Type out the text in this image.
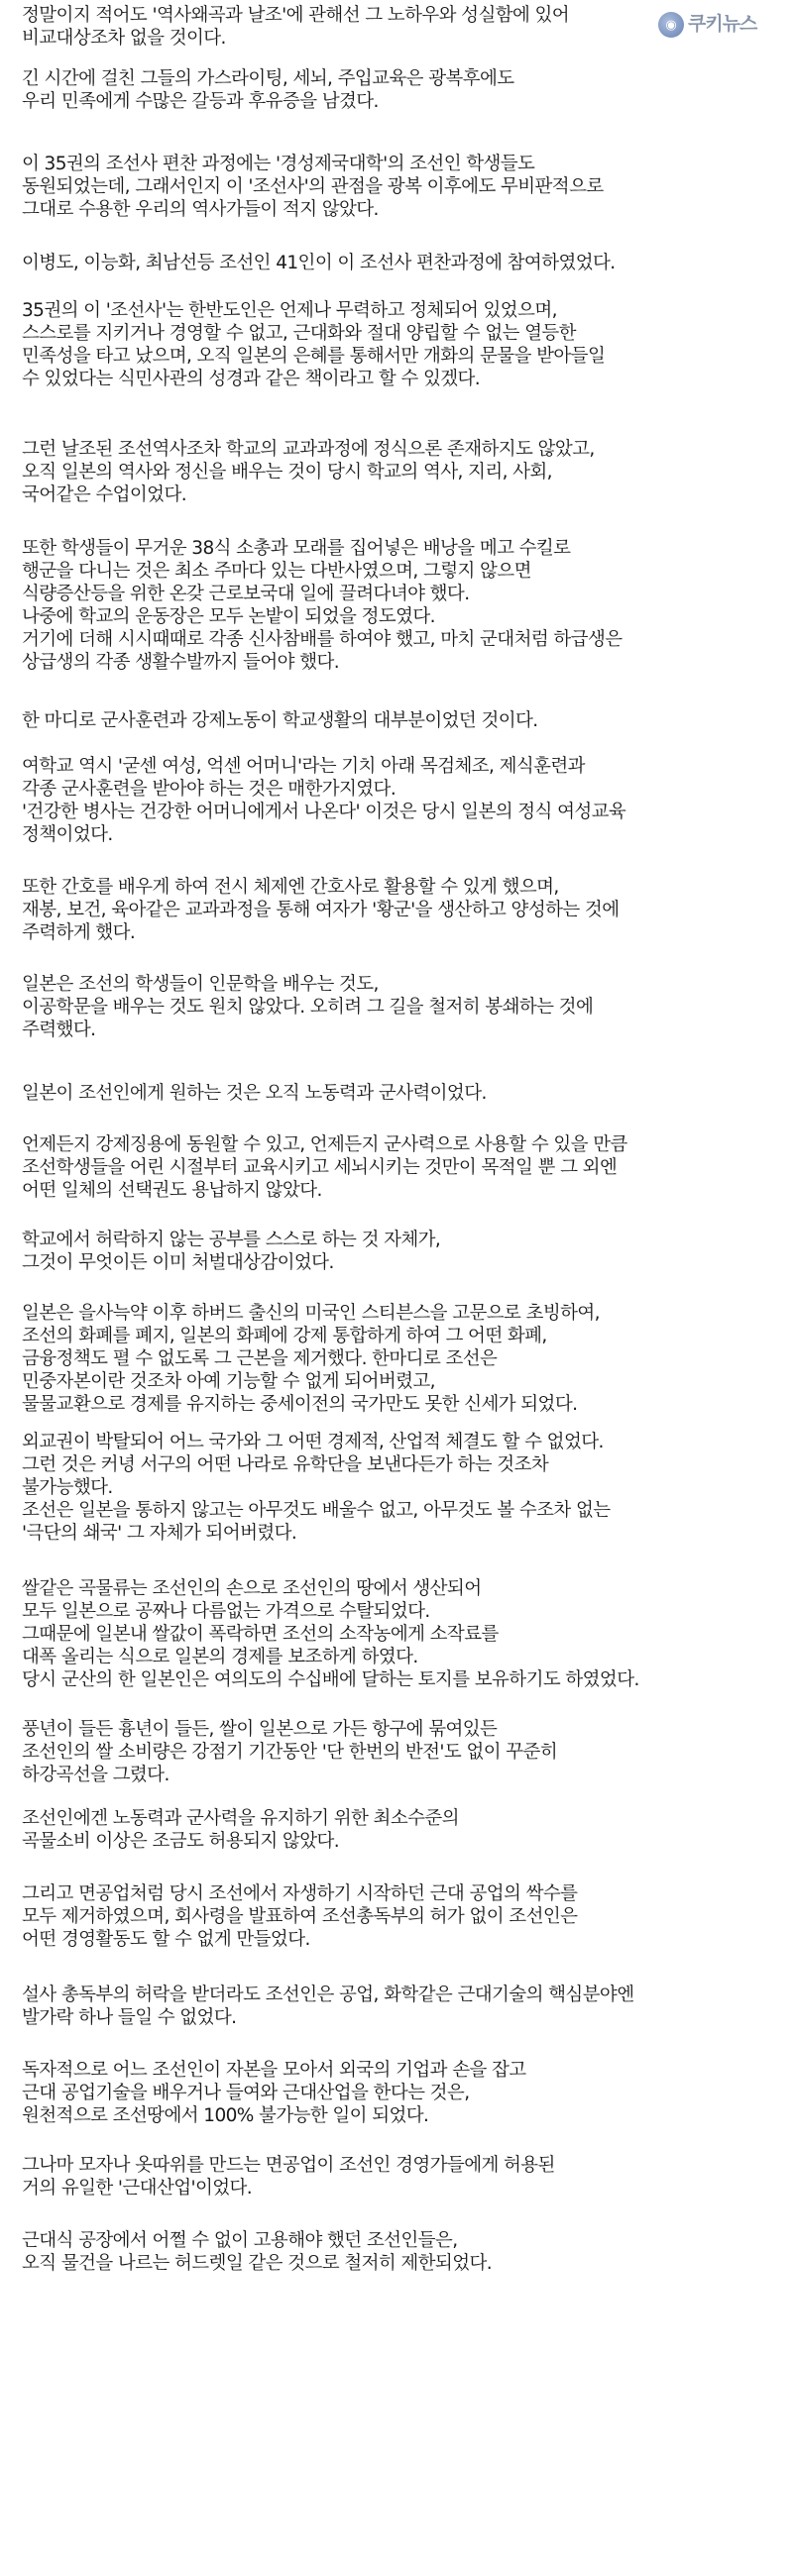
정말이지 적어도 '역사왜곡과 날조'에 관해선 그 노하우와 성실함에 있어
비교대상조차 없을 것이다.

긴 시간에 걸친 그들의 가스라이팅, 세뇌, 주입교육은 광복후에도
우리 민족에게 수많은 갈등과 후유증을 남겼다.

이 35권의 조선사 편찬 과정에는 '경성제국대학'의 조선인 학생들도
동원되었는데, 그래서인지 이 '조선사'의 관점을 광복 이후에도 무비판적으로
그대로 수용한 우리의 역사가들이 적지 않았다.

이병도, 이능화, 최남선등 조선인 41인이 이 조선사 편찬과정에 참여하였었다.

35권의 이 '조선사'는 한반도인은 언제나 무력하고 정체되어 있었으며,
스스로를 지키거나 경영할 수 없고, 근대화와 절대 양립할 수 없는 열등한
민족성을 타고 났으며, 오직 일본의 은혜를 통해서만 개화의 문물을 받아들일
수 있었다는 식민사관의 성경과 같은 책이라고 할 수 있겠다.

그런 날조된 조선역사조차 학교의 교과과정에 정식으론 존재하지도 않았고,
오직 일본의 역사와 정신을 배우는 것이 당시 학교의 역사, 지리, 사회,
국어같은 수업이었다.

또한 학생들이 무거운 38식 소총과 모래를 집어넣은 배낭을 메고 수킬로
행군을 다니는 것은 최소 주마다 있는 다반사였으며, 그렇지 않으면
식량증산등을 위한 온갖 근로보국대 일에 끌려다녀야 했다.
나중에 학교의 운동장은 모두 논밭이 되었을 정도였다.
거기에 더해 시시때때로 각종 신사참배를 하여야 했고, 마치 군대처럼 하급생은
상급생의 각종 생활수발까지 들어야 했다.

한 마디로 군사훈련과 강제노동이 학교생활의 대부분이었던 것이다.

여학교 역시 '굳센 여성, 억센 어머니'라는 기치 아래 목검체조, 제식훈련과
각종 군사훈련을 받아야 하는 것은 매한가지였다.
'건강한 병사는 건강한 어머니에게서 나온다' 이것은 당시 일본의 정식 여성교육
정책이었다.

또한 간호를 배우게 하여 전시 체제엔 간호사로 활용할 수 있게 했으며,
재봉, 보건, 육아같은 교과과정을 통해 여자가 '황군'을 생산하고 양성하는 것에
주력하게 했다.

일본은 조선의 학생들이 인문학을 배우는 것도,
이공학문을 배우는 것도 원치 않았다. 오히려 그 길을 철저히 봉쇄하는 것에
주력했다.

일본이 조선인에게 원하는 것은 오직 노동력과 군사력이었다.

언제든지 강제징용에 동원할 수 있고, 언제든지 군사력으로 사용할 수 있을 만큼
조선학생들을 어린 시절부터 교육시키고 세뇌시키는 것만이 목적일 뿐 그 외엔
어떤 일체의 선택권도 용납하지 않았다.

학교에서 허락하지 않는 공부를 스스로 하는 것 자체가,
그것이 무엇이든 이미 처벌대상감이었다.

일본은 을사늑약 이후 하버드 출신의 미국인 스티븐스을 고문으로 초빙하여,
조선의 화폐를 폐지, 일본의 화폐에 강제 통합하게 하여 그 어떤 화폐,
금융정책도 펼 수 없도록 그 근본을 제거했다. 한마디로 조선은
민중자본이란 것조차 아예 기능할 수 없게 되어버렸고,
물물교환으로 경제를 유지하는 중세이전의 국가만도 못한 신세가 되었다.

외교권이 박탈되어 어느 국가와 그 어떤 경제적, 산업적 체결도 할 수 없었다.
그런 것은 커녕 서구의 어떤 나라로 유학단을 보낸다든가 하는 것조차
불가능했다.
조선은 일본을 통하지 않고는 아무것도 배울수 없고, 아무것도 볼 수조차 없는
'극단의 쇄국' 그 자체가 되어버렸다.

쌀같은 곡물류는 조선인의 손으로 조선인의 땅에서 생산되어
모두 일본으로 공짜나 다름없는 가격으로 수탈되었다.
그때문에 일본내 쌀값이 폭락하면 조선의 소작농에게 소작료를
대폭 올리는 식으로 일본의 경제를 보조하게 하였다.
당시 군산의 한 일본인은 여의도의 수십배에 달하는 토지를 보유하기도 하였었다.

풍년이 들든 흉년이 들든, 쌀이 일본으로 가든 항구에 묶여있든
조선인의 쌀 소비량은 강점기 기간동안 '단 한번의 반전'도 없이 꾸준히
하강곡선을 그렸다.

조선인에겐 노동력과 군사력을 유지하기 위한 최소수준의
곡물소비 이상은 조금도 허용되지 않았다.

그리고 면공업처럼 당시 조선에서 자생하기 시작하던 근대 공업의 싹수를
모두 제거하였으며, 회사령을 발표하여 조선총독부의 허가 없이 조선인은
어떤 경영활동도 할 수 없게 만들었다.

설사 총독부의 허락을 받더라도 조선인은 공업, 화학같은 근대기술의 핵심분야엔
발가락 하나 들일 수 없었다.

독자적으로 어느 조선인이 자본을 모아서 외국의 기업과 손을 잡고
근대 공업기술을 배우거나 들여와 근대산업을 한다는 것은,
원천적으로 조선땅에서 100% 불가능한 일이 되었다.

그나마 모자나 옷따위를 만드는 면공업이 조선인 경영가들에게 허용된
거의 유일한 '근대산업'이었다.

근대식 공장에서 어쩔 수 없이 고용해야 했던 조선인들은,
오직 물건을 나르는 허드렛일 같은 것으로 철저히 제한되었다.

◉ 쿠키뉴스
